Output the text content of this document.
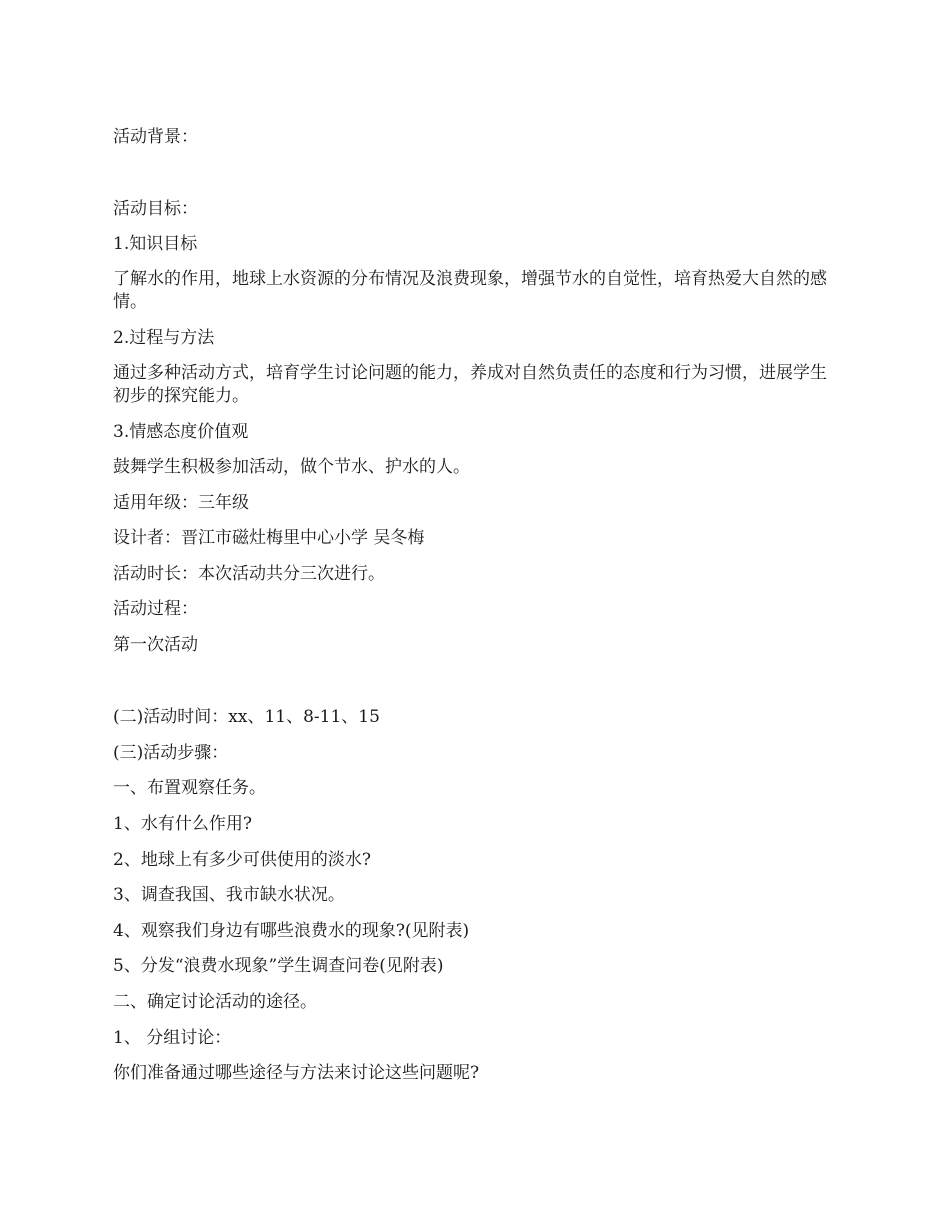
活动背景：
活动目标：
1.知识目标
了解水的作用，地球上水资源的分布情况及浪费现象，增强节水的自觉性，培育热爱大自然的感情。
2.过程与方法
通过多种活动方式，培育学生讨论问题的能力，养成对自然负责任的态度和行为习惯，进展学生初步的探究能力。
3.情感态度价值观
鼓舞学生积极参加活动，做个节水、护水的人。
适用年级：三年级
设计者：晋江市磁灶梅里中心小学 吴冬梅
活动时长：本次活动共分三次进行。
活动过程：
第一次活动
(二)活动时间：xx、11、8-11、15
(三)活动步骤：
一、布置观察任务。
1、水有什么作用?
2、地球上有多少可供使用的淡水?
3、调查我国、我市缺水状况。
4、观察我们身边有哪些浪费水的现象?(见附表)
5、分发“浪费水现象”学生调查问卷(见附表)
二、确定讨论活动的途径。
1、 分组讨论：
你们准备通过哪些途径与方法来讨论这些问题呢?
